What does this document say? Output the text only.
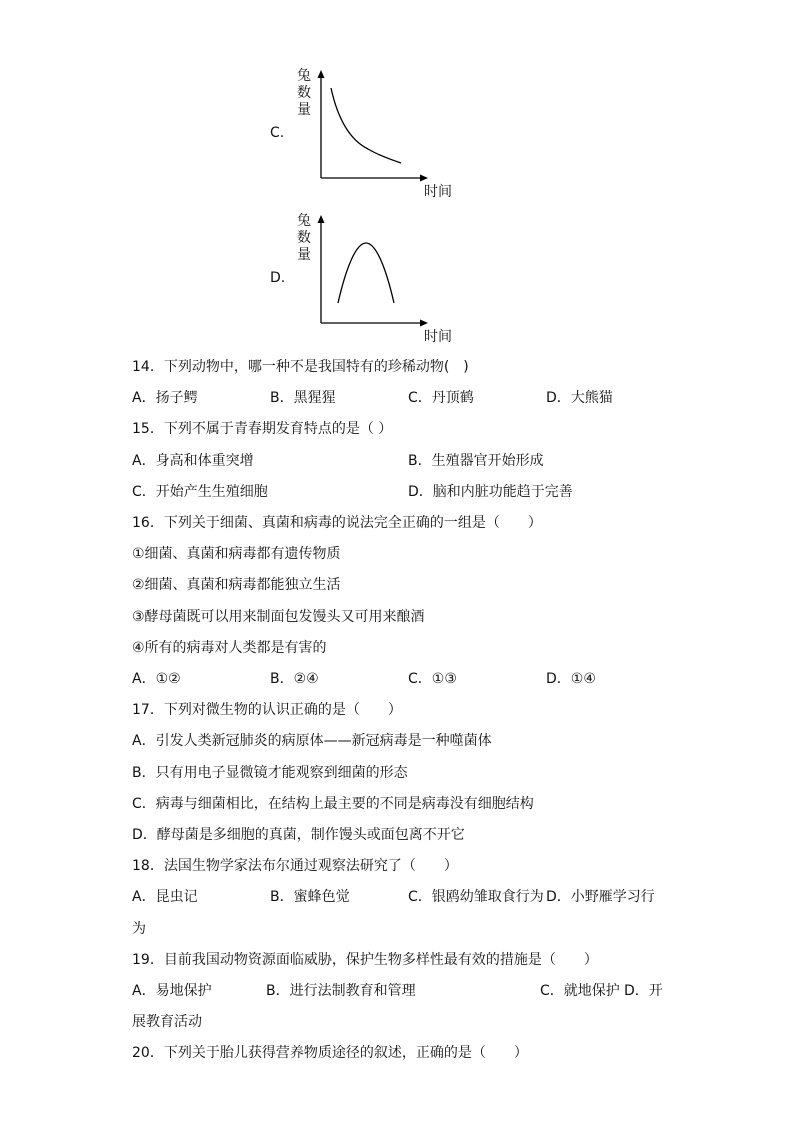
C.
兔
数
量
时间
D.
兔
数
量
时间
14．下列动物中，哪一种不是我国特有的珍稀动物(　)
A．扬子鳄	B．黑猩猩	C．丹顶鹤	D．大熊猫
15．下列不属于青春期发育特点的是（ ）
A．身高和体重突增	B．生殖器官开始形成
C．开始产生生殖细胞	D．脑和内脏功能趋于完善
16．下列关于细菌、真菌和病毒的说法完全正确的一组是（　　）
①细菌、真菌和病毒都有遗传物质
②细菌、真菌和病毒都能独立生活
③酵母菌既可以用来制面包发馒头又可用来酿酒
④所有的病毒对人类都是有害的
A．①②	B．②④	C．①③	D．①④
17．下列对微生物的认识正确的是（　　）
A．引发人类新冠肺炎的病原体——新冠病毒是一种噬菌体
B．只有用电子显微镜才能观察到细菌的形态
C．病毒与细菌相比，在结构上最主要的不同是病毒没有细胞结构
D．酵母菌是多细胞的真菌，制作馒头或面包离不开它
18．法国生物学家法布尔通过观察法研究了（　　）
A．昆虫记	B．蜜蜂色觉	C．银鸥幼雏取食行为 D．小野雁学习行
为
19．目前我国动物资源面临威胁，保护生物多样性最有效的措施是（　　）
A．易地保护	B．进行法制教育和管理	C．就地保护 D．开
展教育活动
20．下列关于胎儿获得营养物质途径的叙述，正确的是（　　）
